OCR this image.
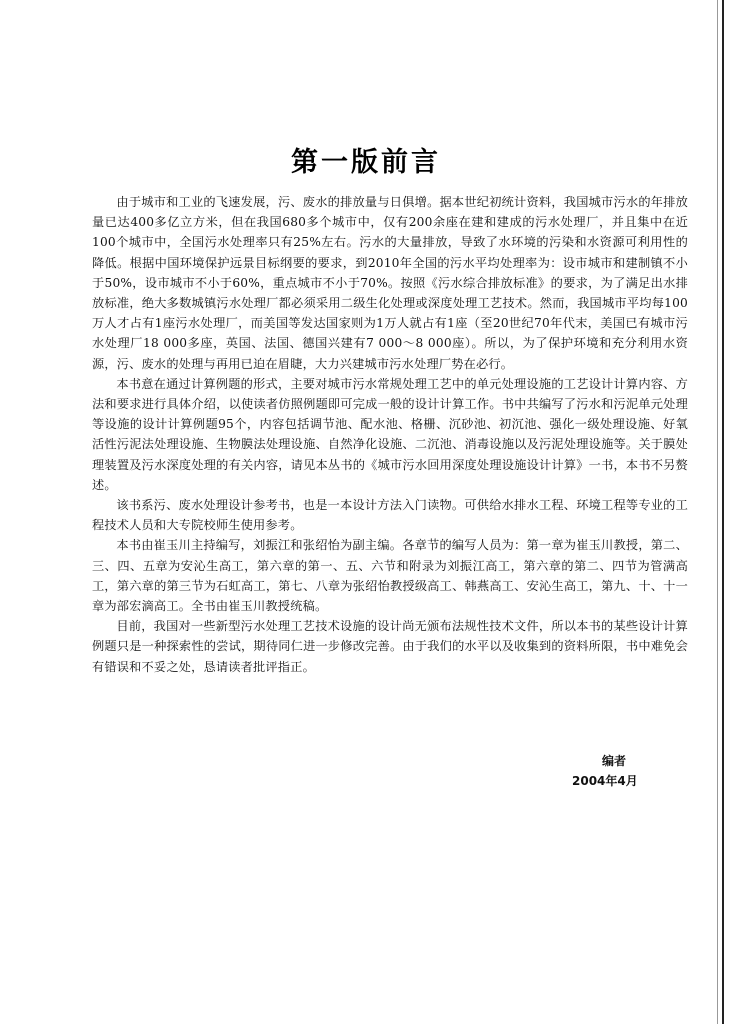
第一版前言

由于城市和工业的飞速发展，污、废水的排放量与日俱增。据本世纪初统计资料，我国城市污水的年排放量已达400多亿立方米，但在我国680多个城市中，仅有200余座在建和建成的污水处理厂，并且集中在近100个城市中，全国污水处理率只有25%左右。污水的大量排放，导致了水环境的污染和水资源可利用性的降低。根据中国环境保护远景目标纲要的要求，到2010年全国的污水平均处理率为：设市城市和建制镇不小于50%，设市城市不小于60%，重点城市不小于70%。按照《污水综合排放标准》的要求，为了满足出水排放标准，绝大多数城镇污水处理厂都必须采用二级生化处理或深度处理工艺技术。然而，我国城市平均每100万人才占有1座污水处理厂，而美国等发达国家则为1万人就占有1座（至20世纪70年代末，美国已有城市污水处理厂18 000多座，英国、法国、德国兴建有7 000～8 000座）。所以，为了保护环境和充分利用水资源，污、废水的处理与再用已迫在眉睫，大力兴建城市污水处理厂势在必行。

本书意在通过计算例题的形式，主要对城市污水常规处理工艺中的单元处理设施的工艺设计计算内容、方法和要求进行具体介绍，以使读者仿照例题即可完成一般的设计计算工作。书中共编写了污水和污泥单元处理等设施的设计计算例题95个，内容包括调节池、配水池、格栅、沉砂池、初沉池、强化一级处理设施、好氧活性污泥法处理设施、生物膜法处理设施、自然净化设施、二沉池、消毒设施以及污泥处理设施等。关于膜处理装置及污水深度处理的有关内容，请见本丛书的《城市污水回用深度处理设施设计计算》一书，本书不另赘述。

该书系污、废水处理设计参考书，也是一本设计方法入门读物。可供给水排水工程、环境工程等专业的工程技术人员和大专院校师生使用参考。

本书由崔玉川主持编写，刘振江和张绍怡为副主编。各章节的编写人员为：第一章为崔玉川教授，第二、三、四、五章为安沁生高工，第六章的第一、五、六节和附录为刘振江高工，第六章的第二、四节为管满高工，第六章的第三节为石虹高工，第七、八章为张绍怡教授级高工、韩燕高工、安沁生高工，第九、十、十一章为部宏滴高工。全书由崔玉川教授统稿。

目前，我国对一些新型污水处理工艺技术设施的设计尚无颁布法规性技术文件，所以本书的某些设计计算例题只是一种探索性的尝试，期待同仁进一步修改完善。由于我们的水平以及收集到的资料所限，书中难免会有错误和不妥之处，恳请读者批评指正。

编者
2004年4月
